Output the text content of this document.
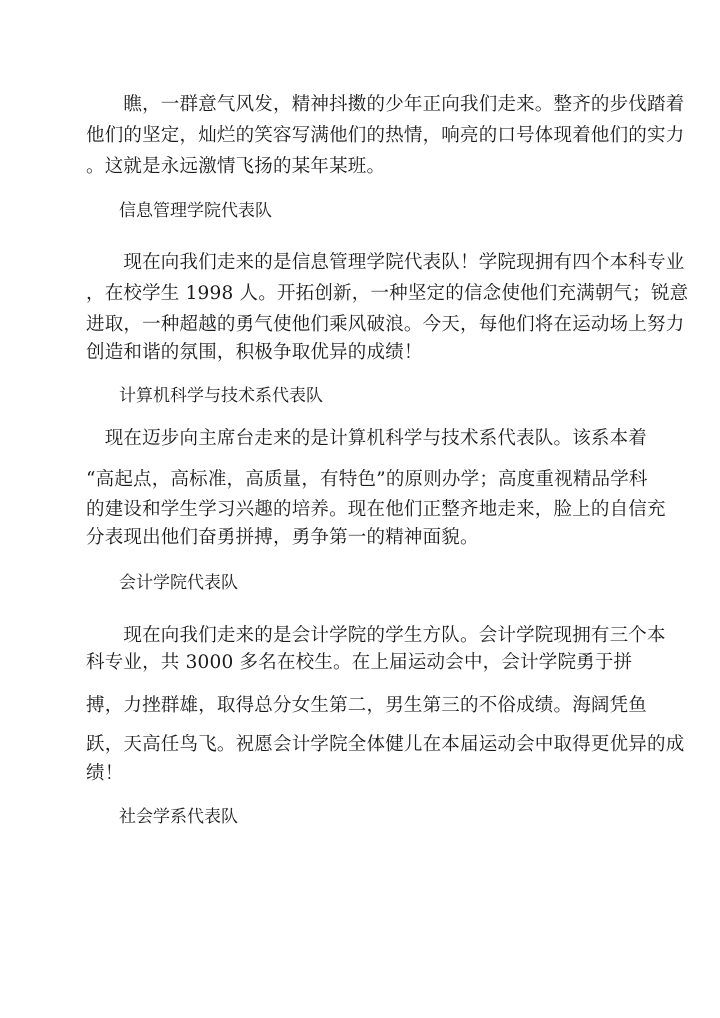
　　瞧，一群意气风发，精神抖擞的少年正向我们走来。整齐的步伐踏着
他们的坚定，灿烂的笑容写满他们的热情，响亮的口号体现着他们的实力
。这就是永远激情飞扬的某年某班。
信息管理学院代表队
　　现在向我们走来的是信息管理学院代表队！学院现拥有四个本科专业
，在校学生 1998 人。开拓创新，一种坚定的信念使他们充满朝气；锐意
进取，一种超越的勇气使他们乘风破浪。今天，每他们将在运动场上努力
创造和谐的氛围，积极争取优异的成绩！
计算机科学与技术系代表队
　现在迈步向主席台走来的是计算机科学与技术系代表队。该系本着
“高起点，高标准，高质量，有特色”的原则办学；高度重视精品学科
的建设和学生学习兴趣的培养。现在他们正整齐地走来，脸上的自信充
分表现出他们奋勇拼搏，勇争第一的精神面貌。
会计学院代表队
　　现在向我们走来的是会计学院的学生方队。会计学院现拥有三个本
科专业，共 3000 多名在校生。在上届运动会中，会计学院勇于拼
搏，力挫群雄，取得总分女生第二，男生第三的不俗成绩。海阔凭鱼
跃，天高任鸟飞。祝愿会计学院全体健儿在本届运动会中取得更优异的成
绩！
社会学系代表队
